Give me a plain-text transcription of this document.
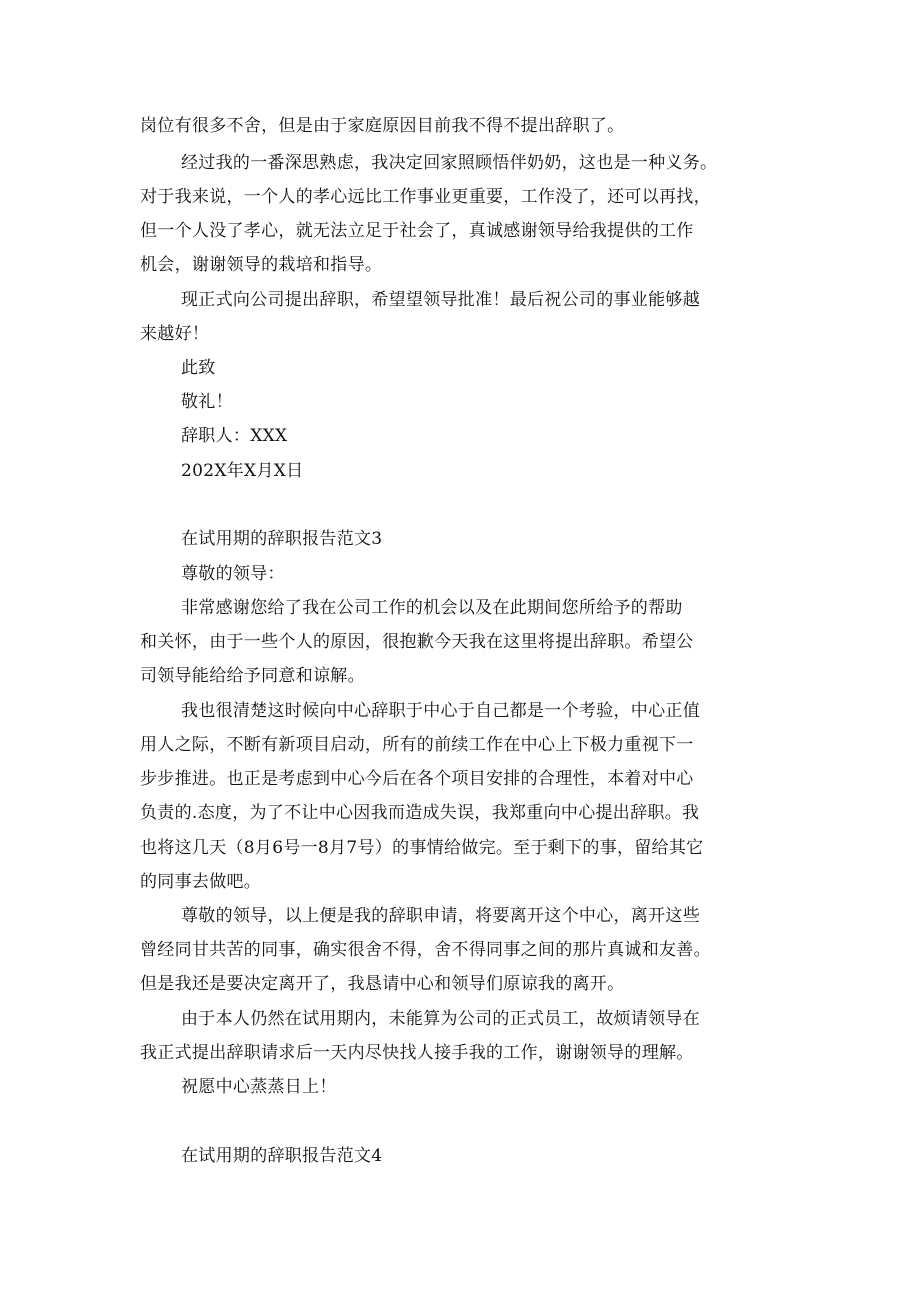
岗位有很多不舍，但是由于家庭原因目前我不得不提出辞职了。
经过我的一番深思熟虑，我决定回家照顾悟伴奶奶，这也是一种义务。
对于我来说，一个人的孝心远比工作事业更重要，工作没了，还可以再找，
但一个人没了孝心，就无法立足于社会了，真诚感谢领导给我提供的工作
机会，谢谢领导的栽培和指导。
现正式向公司提出辞职，希望望领导批准！最后祝公司的事业能够越
来越好！
此致
敬礼！
辞职人：XXX
202X年X月X日
在试用期的辞职报告范文3
尊敬的领导：
非常感谢您给了我在公司工作的机会以及在此期间您所给予的帮助
和关怀，由于一些个人的原因，很抱歉今天我在这里将提出辞职。希望公
司领导能给给予同意和谅解。
我也很清楚这时候向中心辞职于中心于自己都是一个考验，中心正值
用人之际，不断有新项目启动，所有的前续工作在中心上下极力重视下一
步步推进。也正是考虑到中心今后在各个项目安排的合理性，本着对中心
负责的.态度，为了不让中心因我而造成失误，我郑重向中心提出辞职。我
也将这几天（8月6号一8月7号）的事情给做完。至于剩下的事，留给其它
的同事去做吧。
尊敬的领导，以上便是我的辞职申请，将要离开这个中心，离开这些
曾经同甘共苦的同事，确实很舍不得，舍不得同事之间的那片真诚和友善。
但是我还是要决定离开了，我恳请中心和领导们原谅我的离开。
由于本人仍然在试用期内，未能算为公司的正式员工，故烦请领导在
我正式提出辞职请求后一天内尽快找人接手我的工作，谢谢领导的理解。
祝愿中心蒸蒸日上！
在试用期的辞职报告范文4
